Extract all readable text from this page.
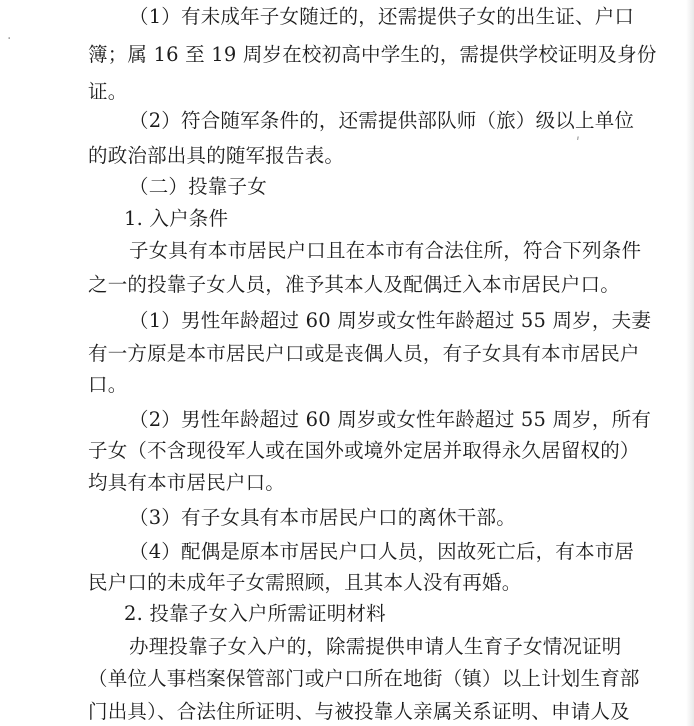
·
ʹ
（1）有未成年子女随迁的，还需提供子女的出生证、户口
簿；属 16 至 19 周岁在校初高中学生的，需提供学校证明及身份
证。
（2）符合随军条件的，还需提供部队师（旅）级以上单位
的政治部出具的随军报告表。
（二）投靠子女
1. 入户条件
子女具有本市居民户口且在本市有合法住所，符合下列条件
之一的投靠子女人员，准予其本人及配偶迁入本市居民户口。
（1）男性年龄超过 60 周岁或女性年龄超过 55 周岁，夫妻
有一方原是本市居民户口或是丧偶人员，有子女具有本市居民户
口。
（2）男性年龄超过 60 周岁或女性年龄超过 55 周岁，所有
子女（不含现役军人或在国外或境外定居并取得永久居留权的）
均具有本市居民户口。
（3）有子女具有本市居民户口的离休干部。
（4）配偶是原本市居民户口人员，因故死亡后，有本市居
民户口的未成年子女需照顾，且其本人没有再婚。
2. 投靠子女入户所需证明材料
办理投靠子女入户的，除需提供申请人生育子女情况证明
（单位人事档案保管部门或户口所在地街（镇）以上计划生育部
门出具）、合法住所证明、与被投靠人亲属关系证明、申请人及
